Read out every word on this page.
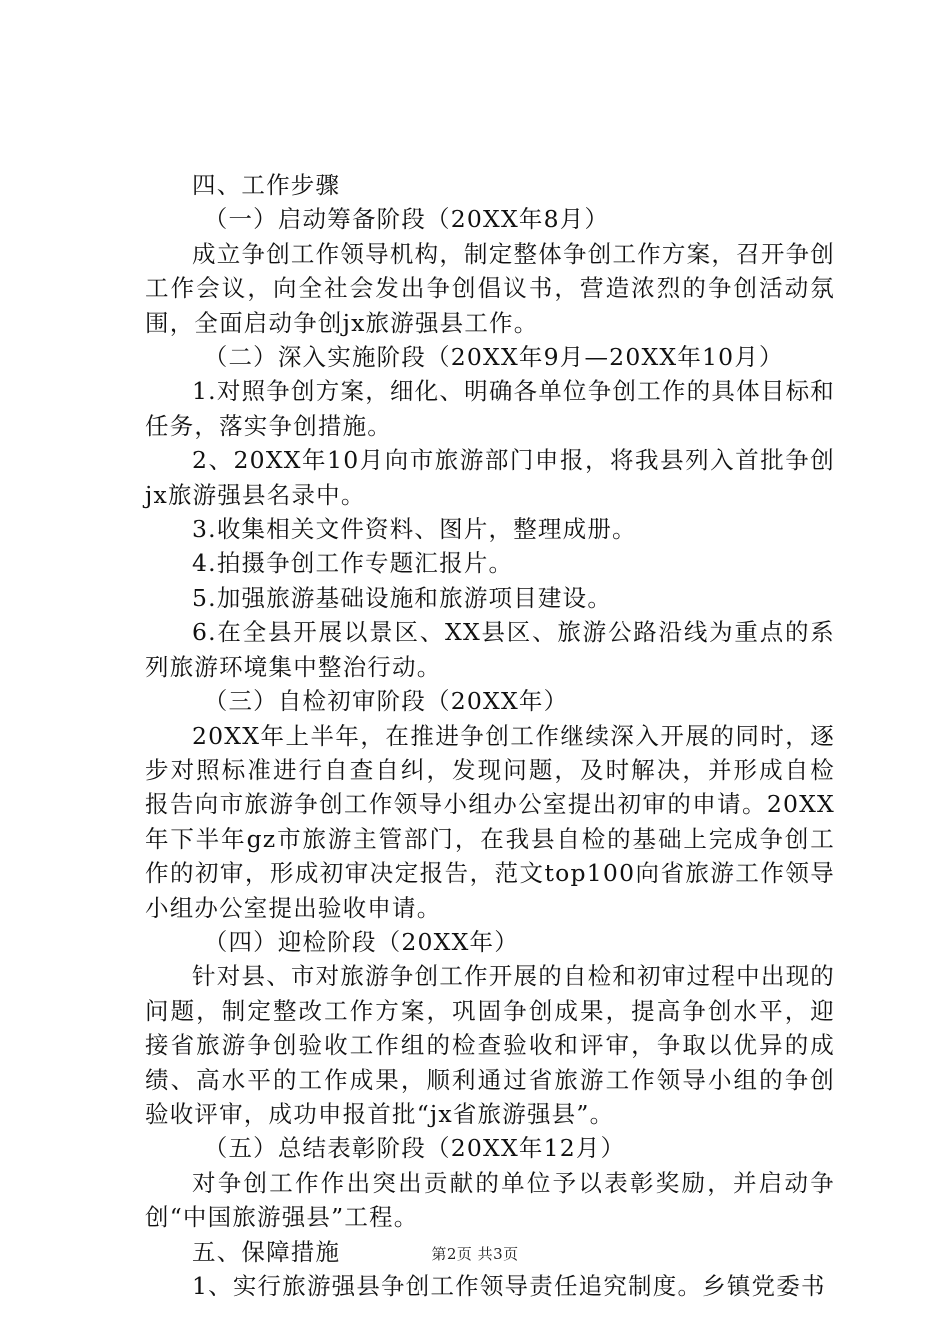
四、工作步骤

（一）启动筹备阶段（20XX年8月）

成立争创工作领导机构，制定整体争创工作方案，召开争创工作会议，向全社会发出争创倡议书，营造浓烈的争创活动氛围，全面启动争创jx旅游强县工作。

（二）深入实施阶段（20XX年9月—20XX年10月）

1.对照争创方案，细化、明确各单位争创工作的具体目标和任务，落实争创措施。

2、20XX年10月向市旅游部门申报，将我县列入首批争创jx旅游强县名录中。

3.收集相关文件资料、图片，整理成册。

4.拍摄争创工作专题汇报片。

5.加强旅游基础设施和旅游项目建设。

6.在全县开展以景区、XX县区、旅游公路沿线为重点的系列旅游环境集中整治行动。

（三）自检初审阶段（20XX年）

20XX年上半年，在推进争创工作继续深入开展的同时，逐步对照标准进行自查自纠，发现问题，及时解决，并形成自检报告向市旅游争创工作领导小组办公室提出初审的申请。20XX年下半年gz市旅游主管部门，在我县自检的基础上完成争创工作的初审，形成初审决定报告，范文top100向省旅游工作领导小组办公室提出验收申请。

（四）迎检阶段（20XX年）

针对县、市对旅游争创工作开展的自检和初审过程中出现的问题，制定整改工作方案，巩固争创成果，提高争创水平，迎接省旅游争创验收工作组的检查验收和评审，争取以优异的成绩、高水平的工作成果，顺利通过省旅游工作领导小组的争创验收评审，成功申报首批“jx省旅游强县”。

（五）总结表彰阶段（20XX年12月）

对争创工作作出突出贡献的单位予以表彰奖励，并启动争创“中国旅游强县”工程。

五、保障措施

1、实行旅游强县争创工作领导责任追究制度。乡镇党委书

第2页 共3页
